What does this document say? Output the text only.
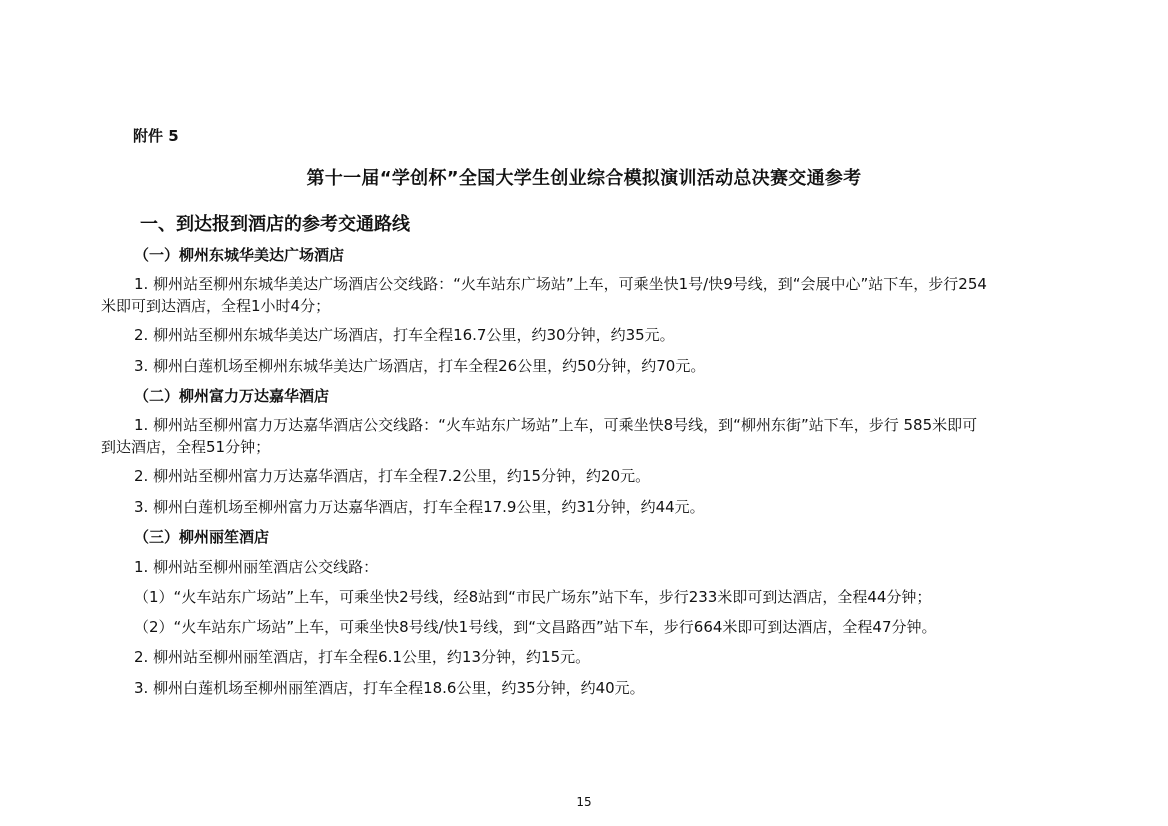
附件 5
第十一届“学创杯”全国大学生创业综合模拟演训活动总决赛交通参考
一、到达报到酒店的参考交通路线
（一）柳州东城华美达广场酒店
1. 柳州站至柳州东城华美达广场酒店公交线路：“火车站东广场站”上车，可乘坐快1号/快9号线，到“会展中心”站下车，步行254
米即可到达酒店，全程1小时4分；
2. 柳州站至柳州东城华美达广场酒店，打车全程16.7公里，约30分钟，约35元。
3. 柳州白莲机场至柳州东城华美达广场酒店，打车全程26公里，约50分钟，约70元。
（二）柳州富力万达嘉华酒店
1. 柳州站至柳州富力万达嘉华酒店公交线路：“火车站东广场站”上车，可乘坐快8号线，到“柳州东街”站下车，步行 585米即可
到达酒店，全程51分钟；
2. 柳州站至柳州富力万达嘉华酒店，打车全程7.2公里，约15分钟，约20元。
3. 柳州白莲机场至柳州富力万达嘉华酒店，打车全程17.9公里，约31分钟，约44元。
（三）柳州丽笙酒店
1. 柳州站至柳州丽笙酒店公交线路：
（1）“火车站东广场站”上车，可乘坐快2号线，经8站到“市民广场东”站下车，步行233米即可到达酒店，全程44分钟；
（2）“火车站东广场站”上车，可乘坐快8号线/快1号线，到“文昌路西”站下车，步行664米即可到达酒店，全程47分钟。
2. 柳州站至柳州丽笙酒店，打车全程6.1公里，约13分钟，约15元。
3. 柳州白莲机场至柳州丽笙酒店，打车全程18.6公里，约35分钟，约40元。
15
